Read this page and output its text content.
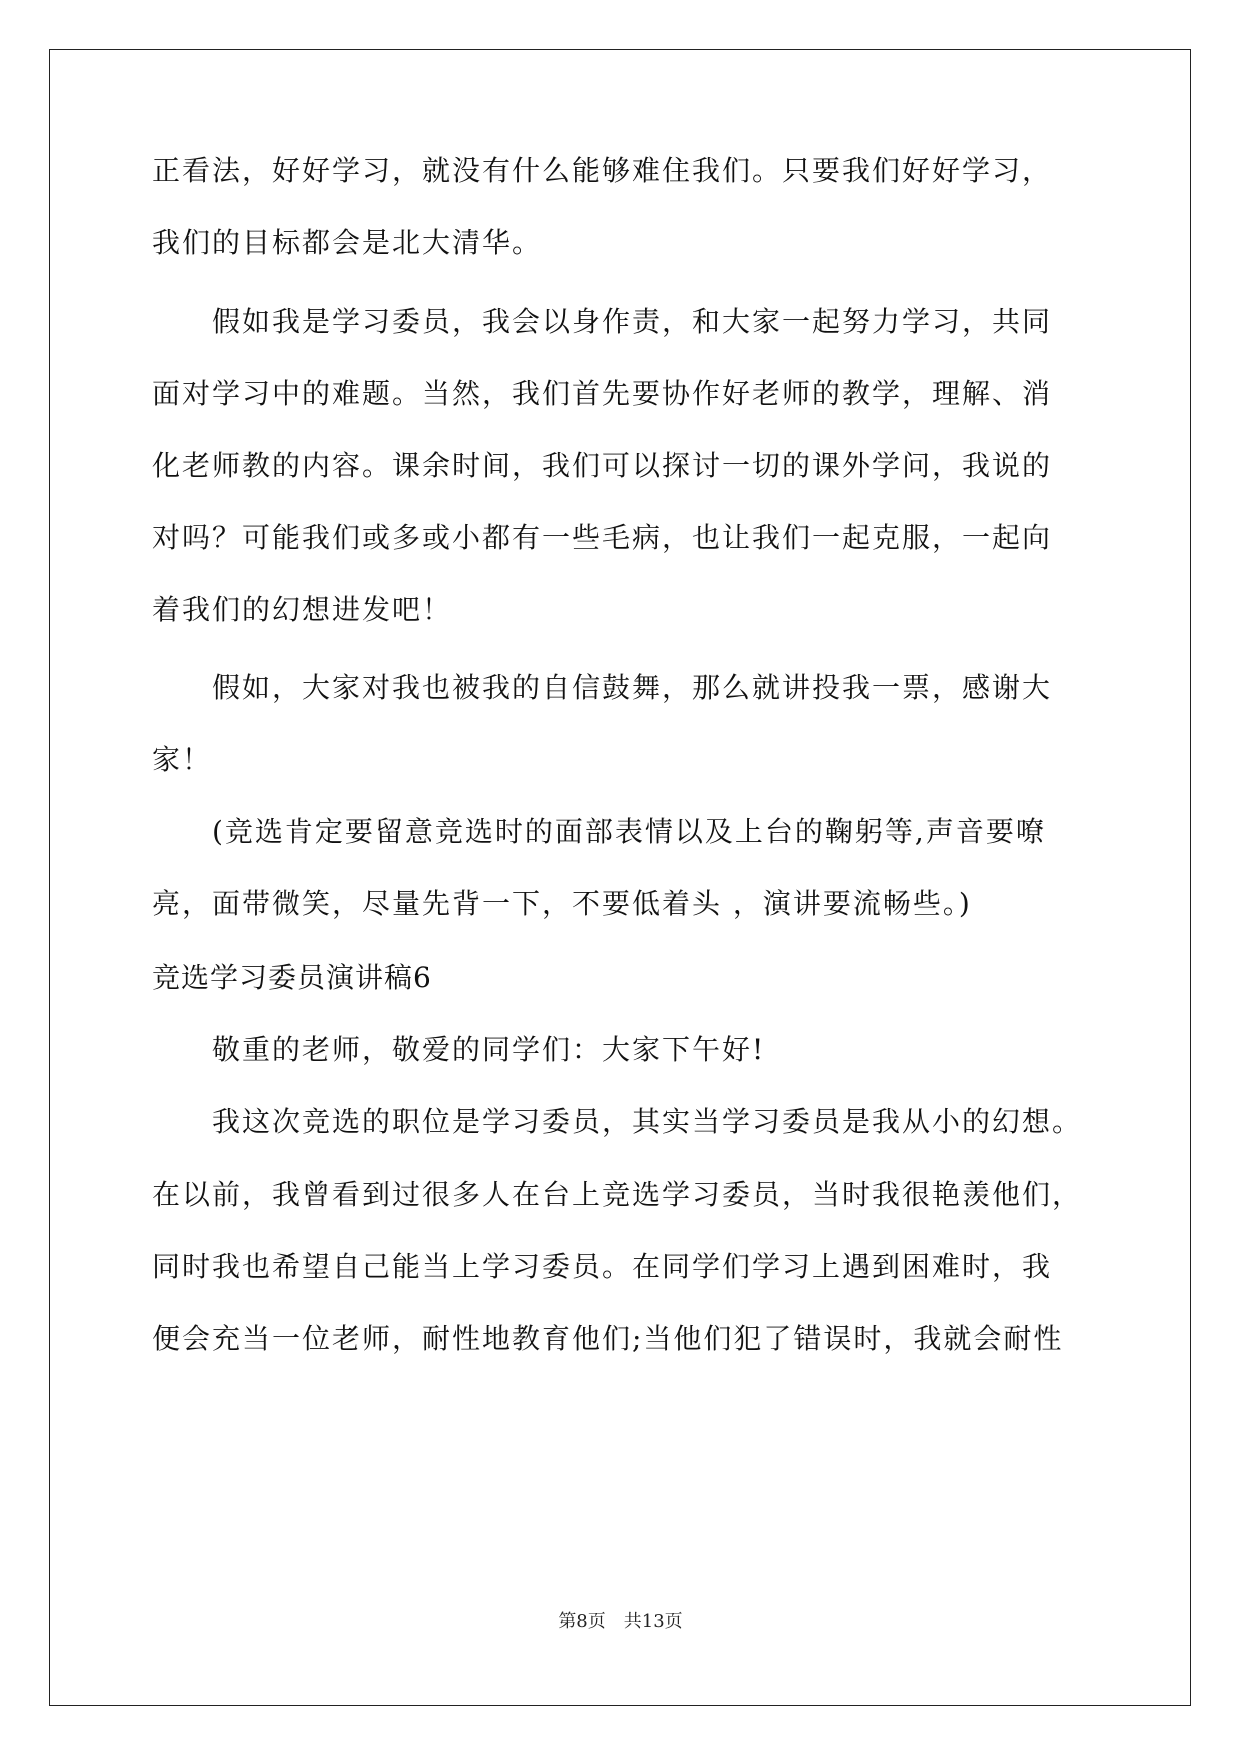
正看法，好好学习，就没有什么能够难住我们。只要我们好好学习，
我们的目标都会是北大清华。
假如我是学习委员，我会以身作责，和大家一起努力学习，共同
面对学习中的难题。当然，我们首先要协作好老师的教学，理解、消
化老师教的内容。课余时间，我们可以探讨一切的课外学问，我说的
对吗？可能我们或多或小都有一些毛病，也让我们一起克服，一起向
着我们的幻想进发吧！
假如，大家对我也被我的自信鼓舞，那么就讲投我一票，感谢大
家！
(竞选肯定要留意竞选时的面部表情以及上台的鞠躬等,声音要嘹
亮，面带微笑，尽量先背一下，不要低着头 ，演讲要流畅些。)
竞选学习委员演讲稿6
敬重的老师，敬爱的同学们：大家下午好!
我这次竞选的职位是学习委员，其实当学习委员是我从小的幻想。
在以前，我曾看到过很多人在台上竞选学习委员，当时我很艳羡他们，
同时我也希望自己能当上学习委员。在同学们学习上遇到困难时，我
便会充当一位老师，耐性地教育他们;当他们犯了错误时，我就会耐性
第8页　共13页
